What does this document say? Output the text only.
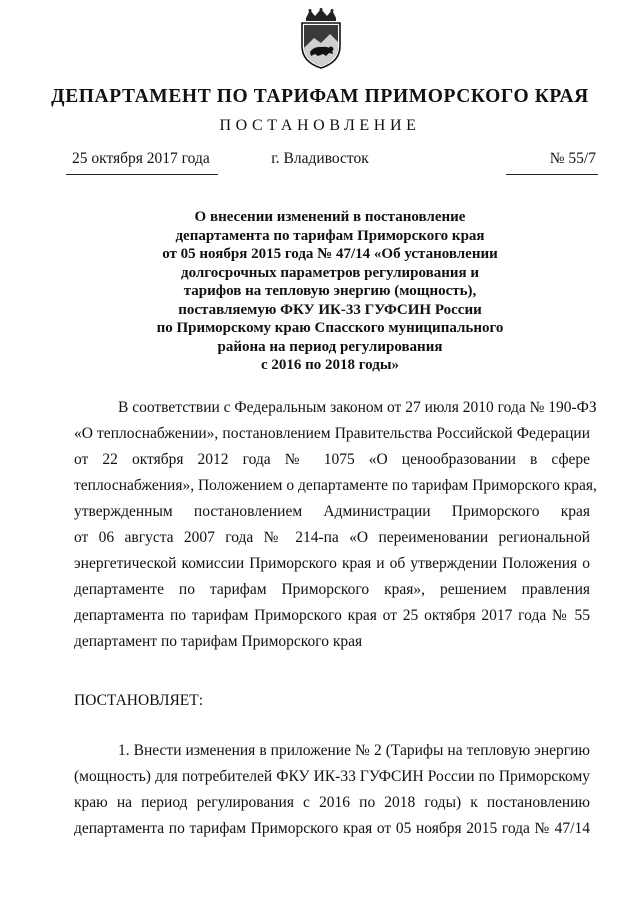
ДЕПАРТАМЕНТ ПО ТАРИФАМ ПРИМОРСКОГО КРАЯ
ПОСТАНОВЛЕНИЕ
25 октября 2017 года	г. Владивосток	№ 55/7
О внесении изменений в постановление
департамента по тарифам Приморского края
от 05 ноября 2015 года № 47/14 «Об установлении
долгосрочных параметров регулирования и
тарифов на тепловую энергию (мощность),
поставляемую ФКУ ИК-33 ГУФСИН России
по Приморскому краю Спасского муниципального
района на период регулирования
с 2016 по 2018 годы»
В соответствии с Федеральным законом от 27 июля 2010 года № 190-ФЗ
«О теплоснабжении», постановлением Правительства Российской Федерации
от 22 октября 2012 года № 1075 «О ценообразовании в сфере
теплоснабжения», Положением о департаменте по тарифам Приморского края,
утвержденным постановлением Администрации Приморского края
от 06 августа 2007 года № 214-па «О переименовании региональной
энергетической комиссии Приморского края и об утверждении Положения о
департаменте по тарифам Приморского края», решением правления
департамента по тарифам Приморского края от 25 октября 2017 года № 55
департамент по тарифам Приморского края
ПОСТАНОВЛЯЕТ:
1. Внести изменения в приложение № 2 (Тарифы на тепловую энергию
(мощность) для потребителей ФКУ ИК-33 ГУФСИН России по Приморскому
краю на период регулирования с 2016 по 2018 годы) к постановлению
департамента по тарифам Приморского края от 05 ноября 2015 года № 47/14
